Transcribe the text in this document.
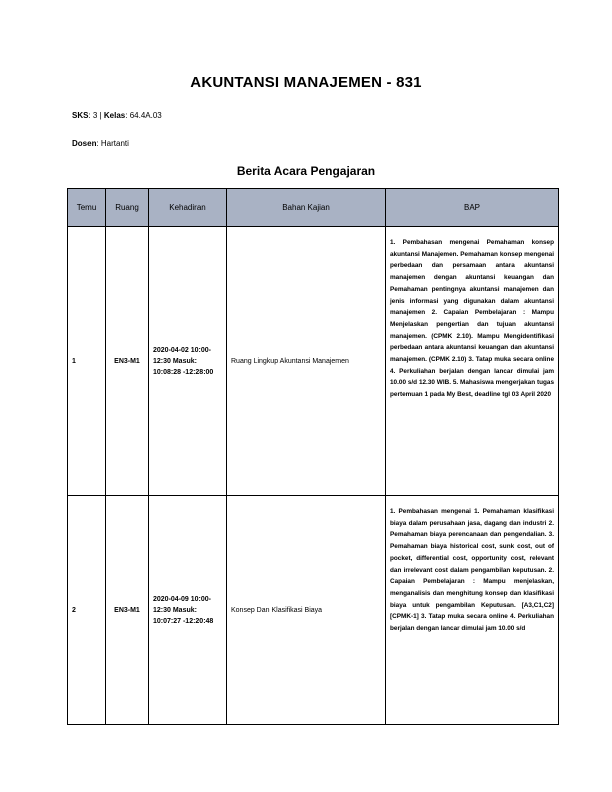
AKUNTANSI MANAJEMEN - 831
SKS: 3 | Kelas: 64.4A.03
Dosen: Hartanti
Berita Acara Pengajaran
Temu	Ruang	Kehadiran	Bahan Kajian	BAP
1	EN3-M1	2020-04-02 10:00-12:30 Masuk: 10:08:28 -12:28:00	Ruang Lingkup Akuntansi Manajemen	1. Pembahasan mengenai Pemahaman konsep akuntansi Manajemen. Pemahaman konsep mengenai perbedaan dan persamaan antara akuntansi manajemen dengan akuntansi keuangan dan Pemahaman pentingnya akuntansi manajemen dan jenis informasi yang digunakan dalam akuntansi manajemen 2. Capaian Pembelajaran : Mampu Menjelaskan pengertian dan tujuan akuntansi manajemen. (CPMK 2.10). Mampu Mengidentifikasi perbedaan antara akuntansi keuangan dan akuntansi manajemen. (CPMK 2.10) 3. Tatap muka secara online 4. Perkuliahan berjalan dengan lancar dimulai jam 10.00 s/d 12.30 WIB. 5. Mahasiswa mengerjakan tugas pertemuan 1 pada My Best, deadline tgl 03 April 2020
2	EN3-M1	2020-04-09 10:00-12:30 Masuk: 10:07:27 -12:20:48	Konsep Dan Klasifikasi Biaya	1. Pembahasan mengenai 1. Pemahaman klasifikasi biaya dalam perusahaan jasa, dagang dan industri 2. Pemahaman biaya perencanaan dan pengendalian. 3. Pemahaman biaya historical cost, sunk cost, out of pocket, differential cost, opportunity cost, relevant dan irrelevant cost dalam pengambilan keputusan. 2. Capaian Pembelajaran : Mampu menjelaskan, menganalisis dan menghitung konsep dan klasifikasi biaya untuk pengambilan Keputusan. [A3,C1,C2][CPMK-1] 3. Tatap muka secara online 4. Perkuliahan berjalan dengan lancar dimulai jam 10.00 s/d
